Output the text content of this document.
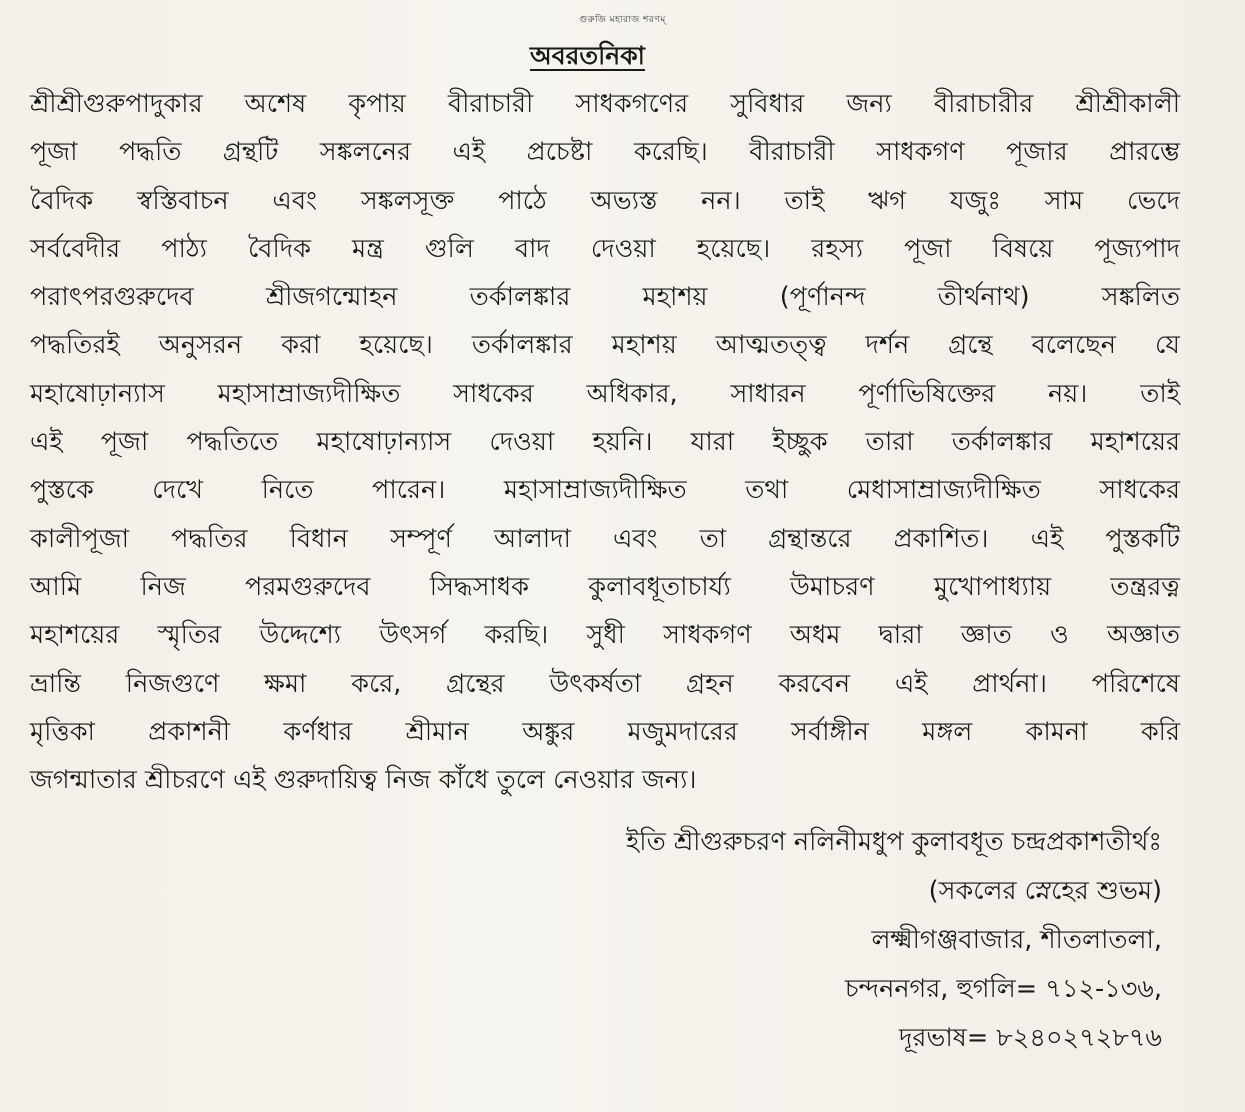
গুরুজি মহারাজ শরণম্
অবরতনিকা
শ্রীশ্রীগুরুপাদুকার অশেষ কৃপায় বীরাচারী সাধকগণের সুবিধার জন্য বীরাচারীর শ্রীশ্রীকালী
পূজা পদ্ধতি গ্রন্থটি সঙ্কলনের এই প্রচেষ্টা করেছি। বীরাচারী সাধকগণ পূজার প্রারম্ভে
বৈদিক স্বস্তিবাচন এবং সঙ্কলসূক্ত পাঠে অভ্যস্ত নন। তাই ঋগ যজুঃ সাম ভেদে
সর্ববেদীর পাঠ্য বৈদিক মন্ত্র গুলি বাদ দেওয়া হয়েছে। রহস্য পূজা বিষয়ে পূজ্যপাদ
পরাৎপরগুরুদেব শ্রীজগন্মোহন তর্কালঙ্কার মহাশয় (পূর্ণানন্দ তীর্থনাথ) সঙ্কলিত
পদ্ধতিরই অনুসরন করা হয়েছে। তর্কালঙ্কার মহাশয় আত্মতত্ত্ব দর্শন গ্রন্থে বলেছেন যে
মহাষোঢ়ান্যাস মহাসাম্রাজ্যদীক্ষিত সাধকের অধিকার, সাধারন পূর্ণাভিষিক্তের নয়। তাই
এই পূজা পদ্ধতিতে মহাষোঢ়ান্যাস দেওয়া হয়নি। যারা ইচ্ছুক তারা তর্কালঙ্কার মহাশয়ের
পুস্তকে দেখে নিতে পারেন। মহাসাম্রাজ্যদীক্ষিত তথা মেধাসাম্রাজ্যদীক্ষিত সাধকের
কালীপূজা পদ্ধতির বিধান সম্পূর্ণ আলাদা এবং তা গ্রন্থান্তরে প্রকাশিত। এই পুস্তকটি
আমি নিজ পরমগুরুদেব সিদ্ধসাধক কুলাবধূতাচার্য্য উমাচরণ মুখোপাধ্যায় তন্ত্ররত্ন
মহাশয়ের স্মৃতির উদ্দেশ্যে উৎসর্গ করছি। সুধী সাধকগণ অধম দ্বারা জ্ঞাত ও অজ্ঞাত
ভ্রান্তি নিজগুণে ক্ষমা করে, গ্রন্থের উৎকর্ষতা গ্রহন করবেন এই প্রার্থনা। পরিশেষে
মৃত্তিকা প্রকাশনী কর্ণধার শ্রীমান অঙ্কুর মজুমদারের সর্বাঙ্গীন মঙ্গল কামনা করি
জগন্মাতার শ্রীচরণে এই গুরুদায়িত্ব নিজ কাঁধে তুলে নেওয়ার জন্য।
ইতি শ্রীগুরুচরণ নলিনীমধুপ কুলাবধূত চন্দ্রপ্রকাশতীর্থঃ
(সকলের স্নেহের শুভম)
লক্ষ্মীগঞ্জবাজার, শীতলাতলা,
চন্দননগর, হুগলি= ৭১২-১৩৬,
দূরভাষ= ৮২৪০২৭২৮৭৬
